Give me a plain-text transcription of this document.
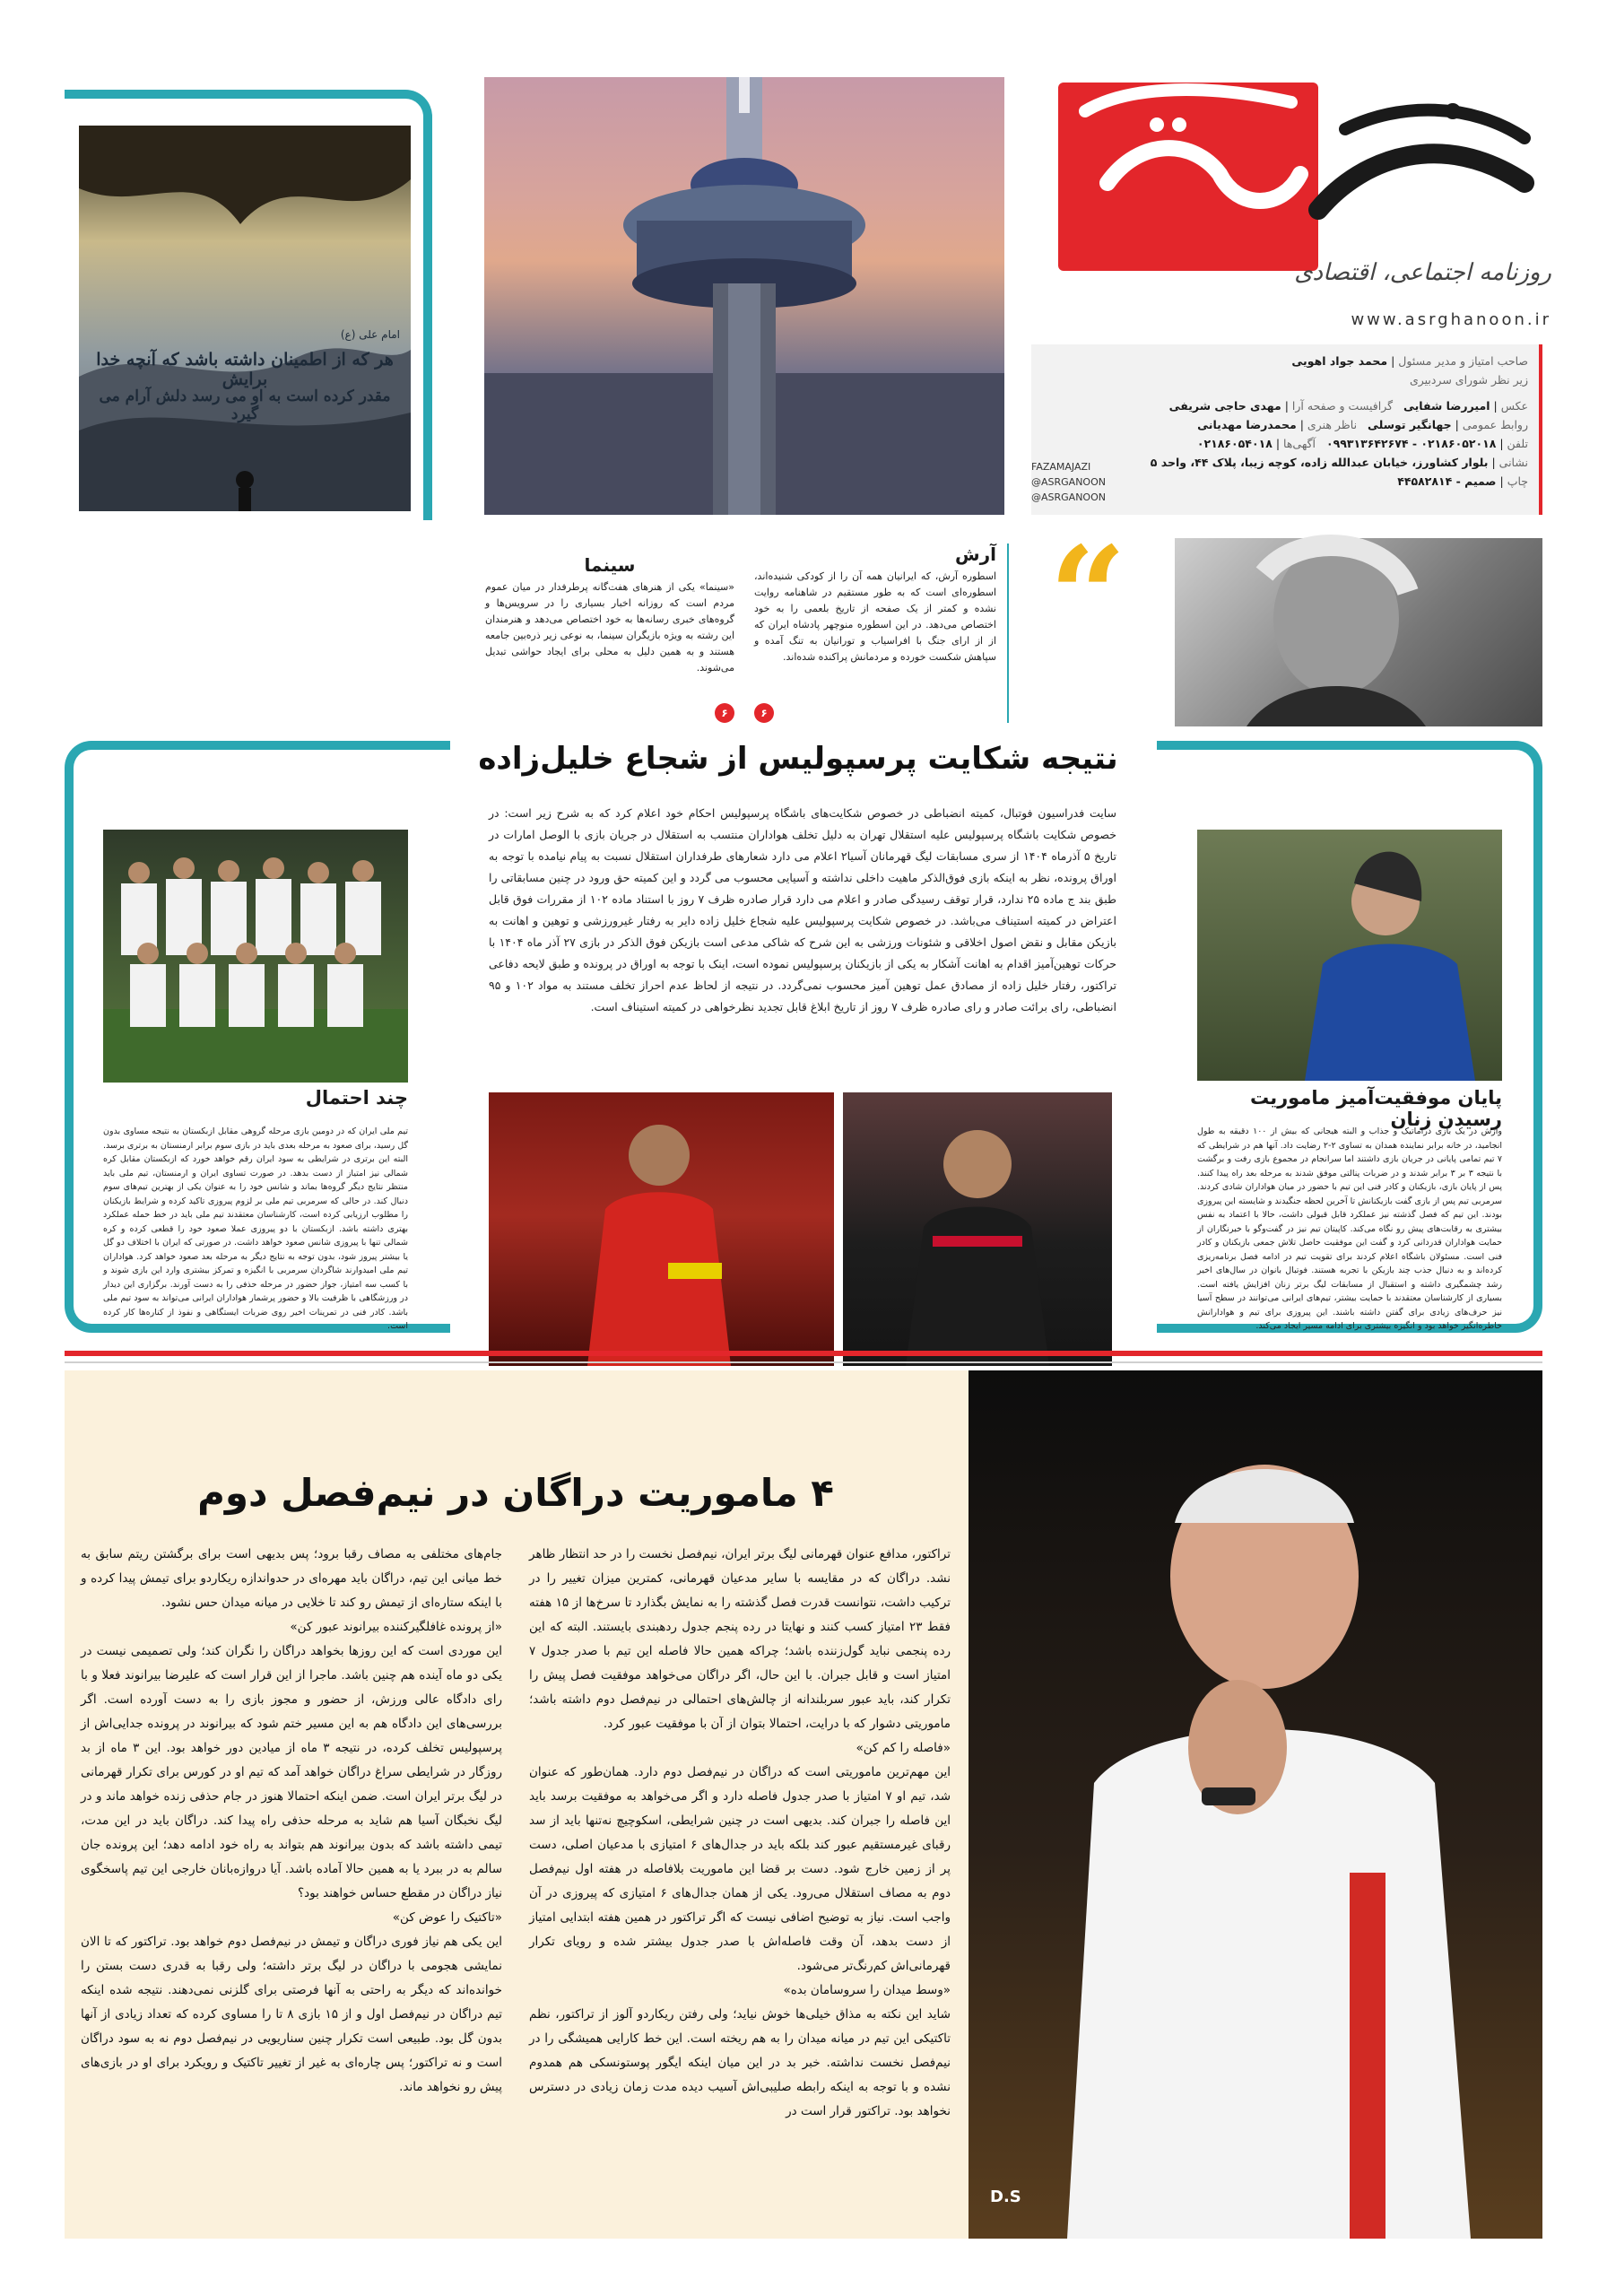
روزنامه اجتماعی، اقتصادی
www.asrghanoon.ir
صاحب امتیاز و مدیر مسئول | محمد جواد اهویی
زیر نظر شورای سردبیری
عکس | امیررضا شفایی   گرافیست و صفحه آرا | مهدی حاجی شریفی
روابط عمومی | جهانگیر توسلی   ناظر هنری | محمدرضا مهدیانی
تلفن | ۰۲۱۸۶۰۵۲۰۱۸ - ۰۹۹۳۱۳۶۴۲۶۷۴   آگهی‌ها | ۰۲۱۸۶۰۵۴۰۱۸
نشانی | بلوار کشاورز، خیابان عبدالله زاده، کوچه زیبا، پلاک ۴۴، واحد ۵
چاپ | صمیم - ۴۴۵۸۲۸۱۴
FAZAMAJAZI
@ASRGANOON
@ASRGANOON
هر که از اطمینان داشته باشد که آنچه خدا برایش
مقدر کرده است به او می رسد دلش آرام می گیرد
امام علی (ع)
“
آرش
اسطوره آرش، که ایرانیان همه آن را از کودکی شنیده‌اند، اسطوره‌ای است که به طور مستقیم در شاهنامه روایت نشده و کمتر از یک صفحه از تاریخ بلعمی را به خود اختصاص می‌دهد. در این اسطوره منوچهر پادشاه ایران که از از ارای جنگ با افراسیاب و تورانیان به تنگ آمده و سپاهش شکست خورده و مردمانش پراکنده شده‌اند.
۶
سینما
«سینما» یکی از هنرهای هفت‌گانه پرطرفدار در میان عموم مردم است که روزانه اخبار بسیاری را در سرویس‌ها و گروه‌های خبری رسانه‌ها به خود اختصاص می‌دهد و هنرمندان این رشته به ویژه بازیگران سینما، به نوعی زیر ذره‌بین جامعه هستند و به همین دلیل به محلی برای ایجاد حواشی تبدیل می‌شوند.
۶
نتیجه شکایت پرسپولیس از شجاع خلیل‌زاده
سایت فدراسیون فوتبال، کمیته انضباطی در خصوص شکایت‌های باشگاه پرسپولیس احکام خود اعلام کرد که به شرح زیر است: در خصوص شکایت باشگاه پرسپولیس علیه استقلال تهران به دلیل تخلف هواداران منتسب به استقلال در جریان بازی با الوصل امارات در تاریخ ۵ آذرماه ۱۴۰۴ از سری مسابقات لیگ قهرمانان آسیا۲ اعلام می دارد شعارهای طرفداران استقلال نسبت به پیام نیامده با توجه به اوراق پرونده، نظر به اینکه بازی فوق‌الذکر ماهیت داخلی نداشته و آسیایی محسوب می گردد و این کمیته حق ورود در چنین مسابقاتی را طبق بند ج ماده ۲۵ ندارد، قرار توقف رسیدگی صادر و اعلام می دارد قرار صادره ظرف ۷ روز با استناد ماده ۱۰۲ از مقررات فوق قابل اعتراض در کمیته استیناف می‌باشد. در خصوص شکایت پرسپولیس علیه شجاع خلیل زاده دایر به رفتار غیرورزشی و توهین و اهانت به بازیکن مقابل و نقض اصول اخلاقی و شئونات ورزشی به این شرح که شاکی مدعی است بازیکن فوق الذکر در بازی ۲۷ آذر ماه ۱۴۰۴ با حرکات توهین‌آمیز اقدام به اهانت آشکار به یکی از بازیکنان پرسپولیس نموده است، اینک با توجه به اوراق در پرونده و طبق لایحه دفاعی تراکتور، رفتار خلیل زاده از مصادق عمل توهین آمیز محسوب نمی‌گردد. در نتیجه از لحاظ عدم احراز تخلف مستند به مواد ۱۰۲ و ۹۵ انضباطی، رای برائت صادر و رای صادره ظرف ۷ روز از تاریخ ابلاغ قابل تجدید نظرخواهی در کمیته استیناف است.
پایان موفقیت‌آمیز ماموریت رسیدن زنان
وازش در یک بازی دراماتیک و جذاب و البته هیجانی که بیش از ۱۰۰ دقیقه به طول انجامید، در خانه برابر نماینده همدان به تساوی ۲-۲ رضایت داد. آنها هم در شرایطی که ۷ تیم تمامی پایانی در جریان بازی داشتند اما سرانجام در مجموع بازی رفت و برگشت با نتیجه ۳ بر ۳ برابر شدند و در ضربات پنالتی موفق شدند به مرحله بعد راه پیدا کنند. پس از پایان بازی، بازیکنان و کادر فنی این تیم با حضور در میان هواداران شادی کردند. سرمربی تیم پس از بازی گفت بازیکنانش تا آخرین لحظه جنگیدند و شایسته این پیروزی بودند. این تیم که فصل گذشته نیز عملکرد قابل قبولی داشت، حالا با اعتماد به نفس بیشتری به رقابت‌های پیش رو نگاه می‌کند. کاپیتان تیم نیز در گفت‌وگو با خبرنگاران از حمایت هواداران قدردانی کرد و گفت این موفقیت حاصل تلاش جمعی بازیکنان و کادر فنی است. مسئولان باشگاه اعلام کردند برای تقویت تیم در ادامه فصل برنامه‌ریزی کرده‌اند و به دنبال جذب چند بازیکن با تجربه هستند. فوتبال بانوان در سال‌های اخیر رشد چشمگیری داشته و استقبال از مسابقات لیگ برتر زنان افزایش یافته است. بسیاری از کارشناسان معتقدند با حمایت بیشتر، تیم‌های ایرانی می‌توانند در سطح آسیا نیز حرف‌های زیادی برای گفتن داشته باشند. این پیروزی برای تیم و هوادارانش خاطره‌انگیز خواهد بود و انگیزه بیشتری برای ادامه مسیر ایجاد می‌کند.
چند احتمال
تیم ملی ایران که در دومین بازی مرحله گروهی مقابل ازبکستان به نتیجه مساوی بدون گل رسید، برای صعود به مرحله بعدی باید در بازی سوم برابر ارمنستان به برتری برسد. البته این برتری در شرایطی به سود ایران رقم خواهد خورد که ازبکستان مقابل کره شمالی نیز امتیاز از دست بدهد. در صورت تساوی ایران و ارمنستان، تیم ملی باید منتظر نتایج دیگر گروه‌ها بماند و شانس خود را به عنوان یکی از بهترین تیم‌های سوم دنبال کند. در حالی که سرمربی تیم ملی بر لزوم پیروزی تاکید کرده و شرایط بازیکنان را مطلوب ارزیابی کرده است، کارشناسان معتقدند تیم ملی باید در خط حمله عملکرد بهتری داشته باشد. ازبکستان با دو پیروزی عملا صعود خود را قطعی کرده و کره شمالی تنها با پیروزی شانس صعود خواهد داشت. در صورتی که ایران با اختلاف دو گل یا بیشتر پیروز شود، بدون توجه به نتایج دیگر به مرحله بعد صعود خواهد کرد. هواداران تیم ملی امیدوارند شاگردان سرمربی با انگیزه و تمرکز بیشتری وارد این بازی شوند و با کسب سه امتیاز، جواز حضور در مرحله حذفی را به دست آورند. برگزاری این دیدار در ورزشگاهی با ظرفیت بالا و حضور پرشمار هواداران ایرانی می‌تواند به سود تیم ملی باشد. کادر فنی در تمرینات اخیر روی ضربات ایستگاهی و نفوذ از کناره‌ها کار کرده است.
D.S
۴ ماموریت دراگان در نیم‌فصل دوم
تراکتور، مدافع عنوان قهرمانی لیگ برتر ایران، نیم‌فصل نخست را در حد انتظار ظاهر نشد. دراگان که در مقایسه با سایر مدعیان قهرمانی، کمترین میزان تغییر را در ترکیب داشت، نتوانست قدرت فصل گذشته را به نمایش بگذارد تا سرخ‌ها از ۱۵ هفته فقط ۲۳ امتیاز کسب کنند و نهایتا در رده پنجم جدول ردهبندی بایستند. البته که این رده پنجمی نباید گول‌زننده باشد؛ چراکه همین حالا فاصله این تیم با صدر جدول ۷ امتیاز است و قابل جبران. با این حال، اگر دراگان می‌خواهد موفقیت فصل پیش را تکرار کند، باید عبور سربلندانه از چالش‌های احتمالی در نیم‌فصل دوم داشته باشد؛ ماموریتی دشوار که با درایت، احتمالا بتوان از آن با موفقیت عبور کرد.
«فاصله را کم کن»
این مهم‌ترین ماموریتی است که دراگان در نیم‌فصل دوم دارد. همان‌طور که عنوان شد، تیم او ۷ امتیاز با صدر جدول فاصله دارد و اگر می‌خواهد به موفقیت برسد باید این فاصله را جبران کند. بدیهی است در چنین شرایطی، اسکوچیچ نه‌تنها باید از سد رقبای غیرمستقیم عبور کند بلکه باید در جدال‌های ۶ امتیازی با مدعیان اصلی، دست پر از زمین خارج شود. دست بر قضا این ماموریت بلافاصله در هفته اول نیم‌فصل دوم به مصاف استقلال می‌رود. یکی از همان جدال‌های ۶ امتیازی که پیروزی در آن واجب است. نیاز به توضیح اضافی نیست که اگر تراکتور در همین هفته ابتدایی امتیاز از دست بدهد، آن وقت فاصله‌اش با صدر جدول بیشتر شده و رویای تکرار قهرمانی‌اش کم‌رنگ‌تر می‌شود.
«وسط میدان را سروسامان بده»
شاید این نکته به مذاق خیلی‌ها خوش نیاید؛ ولی رفتن ریکاردو آلوز از تراکتور، نظم تاکتیکی این تیم در میانه میدان را به هم ریخته است. این خط کارایی همیشگی را در نیم‌فصل نخست نداشته. خبر بد در این میان اینکه ایگور پوستونسکی هم همدوم نشده و با توجه به اینکه رابطه صلیبی‌اش آسیب دیده مدت زمان زیادی در دسترس نخواهد بود. تراکتور قرار است در
جام‌های مختلفی به مصاف رقبا برود؛ پس بدیهی است برای برگشتن ریتم سابق به خط میانی این تیم، دراگان باید مهره‌ای در حدواندازه ریکاردو برای تیمش پیدا کرده و با اینکه ستاره‌ای از تیمش رو کند تا خلایی در میانه میدان حس نشود.
«از پرونده غافلگیرکننده بیرانوند عبور کن»
این موردی است که این روزها بخواهد دراگان را نگران کند؛ ولی تصمیمی نیست در یکی دو ماه آینده هم چنین باشد. ماجرا از این قرار است که علیرضا بیرانوند فعلا و با رای دادگاه عالی ورزش، از حضور و مجوز بازی را به دست آورده است. اگر بررسی‌های این دادگاه هم به این مسیر ختم شود که بیرانوند در پرونده جدایی‌اش از پرسپولیس تخلف کرده، در نتیجه ۳ ماه از میادین دور خواهد بود. این ۳ ماه از بد روزگار در شرایطی سراغ دراگان خواهد آمد که تیم او در کورس برای تکرار قهرمانی در لیگ برتر ایران است. ضمن اینکه احتمالا هنوز در جام حذفی زنده خواهد ماند و در لیگ نخبگان آسیا هم شاید به مرحله حذفی راه پیدا کند. دراگان باید در این مدت، تیمی داشته باشد که بدون بیرانوند هم بتواند به راه خود ادامه دهد؛ این پرونده جان سالم به در ببرد یا به همین حالا آماده باشد. آیا دروازه‌بانان خارجی این تیم پاسخگوی نیاز دراگان در مقطع حساس خواهند بود؟
«تاکتیک را عوض کن»
این یکی هم نیاز فوری دراگان و تیمش در نیم‌فصل دوم خواهد بود. تراکتور که تا الان نمایشی هجومی با دراگان در لیگ برتر داشته؛ ولی رقبا به قدری دست بستن را خوانده‌اند که دیگر به راحتی به آنها فرصتی برای گلزنی نمی‌دهند. نتیجه شده اینکه تیم دراگان در نیم‌فصل اول و از ۱۵ بازی ۸ تا را مساوی کرده که تعداد زیادی از آنها بدون گل بود. طبیعی است تکرار چنین سناریویی در نیم‌فصل دوم نه به سود دراگان است و نه تراکتور؛ پس چاره‌ای به غیر از تغییر تاکتیک و رویکرد برای او در بازی‌های پیش رو نخواهد ماند.
